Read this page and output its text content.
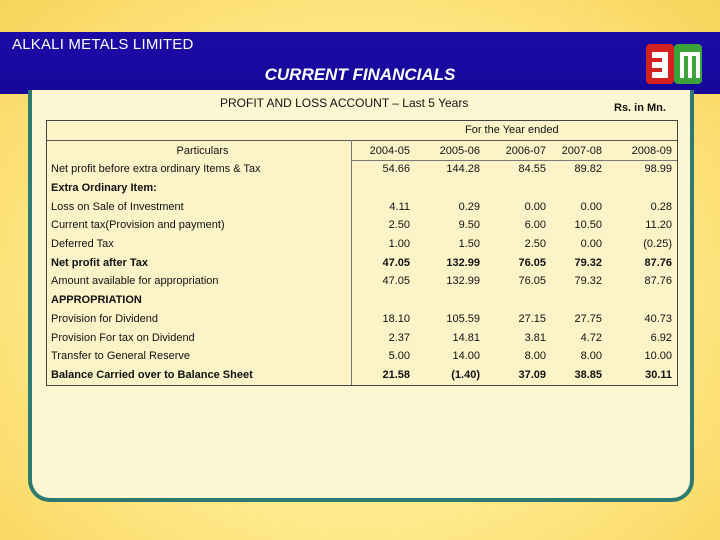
ALKALI METALS LIMITED
CURRENT FINANCIALS
PROFIT AND LOSS ACCOUNT – Last 5 Years	Rs. in Mn.
For the Year ended
Particulars	2004-05	2005-06	2006-07	2007-08	2008-09
Net profit before extra ordinary Items & Tax	54.66	144.28	84.55	89.82	98.99
Extra Ordinary Item:					
Loss on Sale of Investment	4.11	0.29	0.00	0.00	0.28
Current tax(Provision and payment)	2.50	9.50	6.00	10.50	11.20
Deferred Tax	1.00	1.50	2.50	0.00	(0.25)
Net profit after Tax	47.05	132.99	76.05	79.32	87.76
Amount available for appropriation	47.05	132.99	76.05	79.32	87.76
APPROPRIATION					
Provision for Dividend	18.10	105.59	27.15	27.75	40.73
Provision For tax on Dividend	2.37	14.81	3.81	4.72	6.92
Transfer to General Reserve	5.00	14.00	8.00	8.00	10.00
Balance Carried over to Balance Sheet	21.58	(1.40)	37.09	38.85	30.11
